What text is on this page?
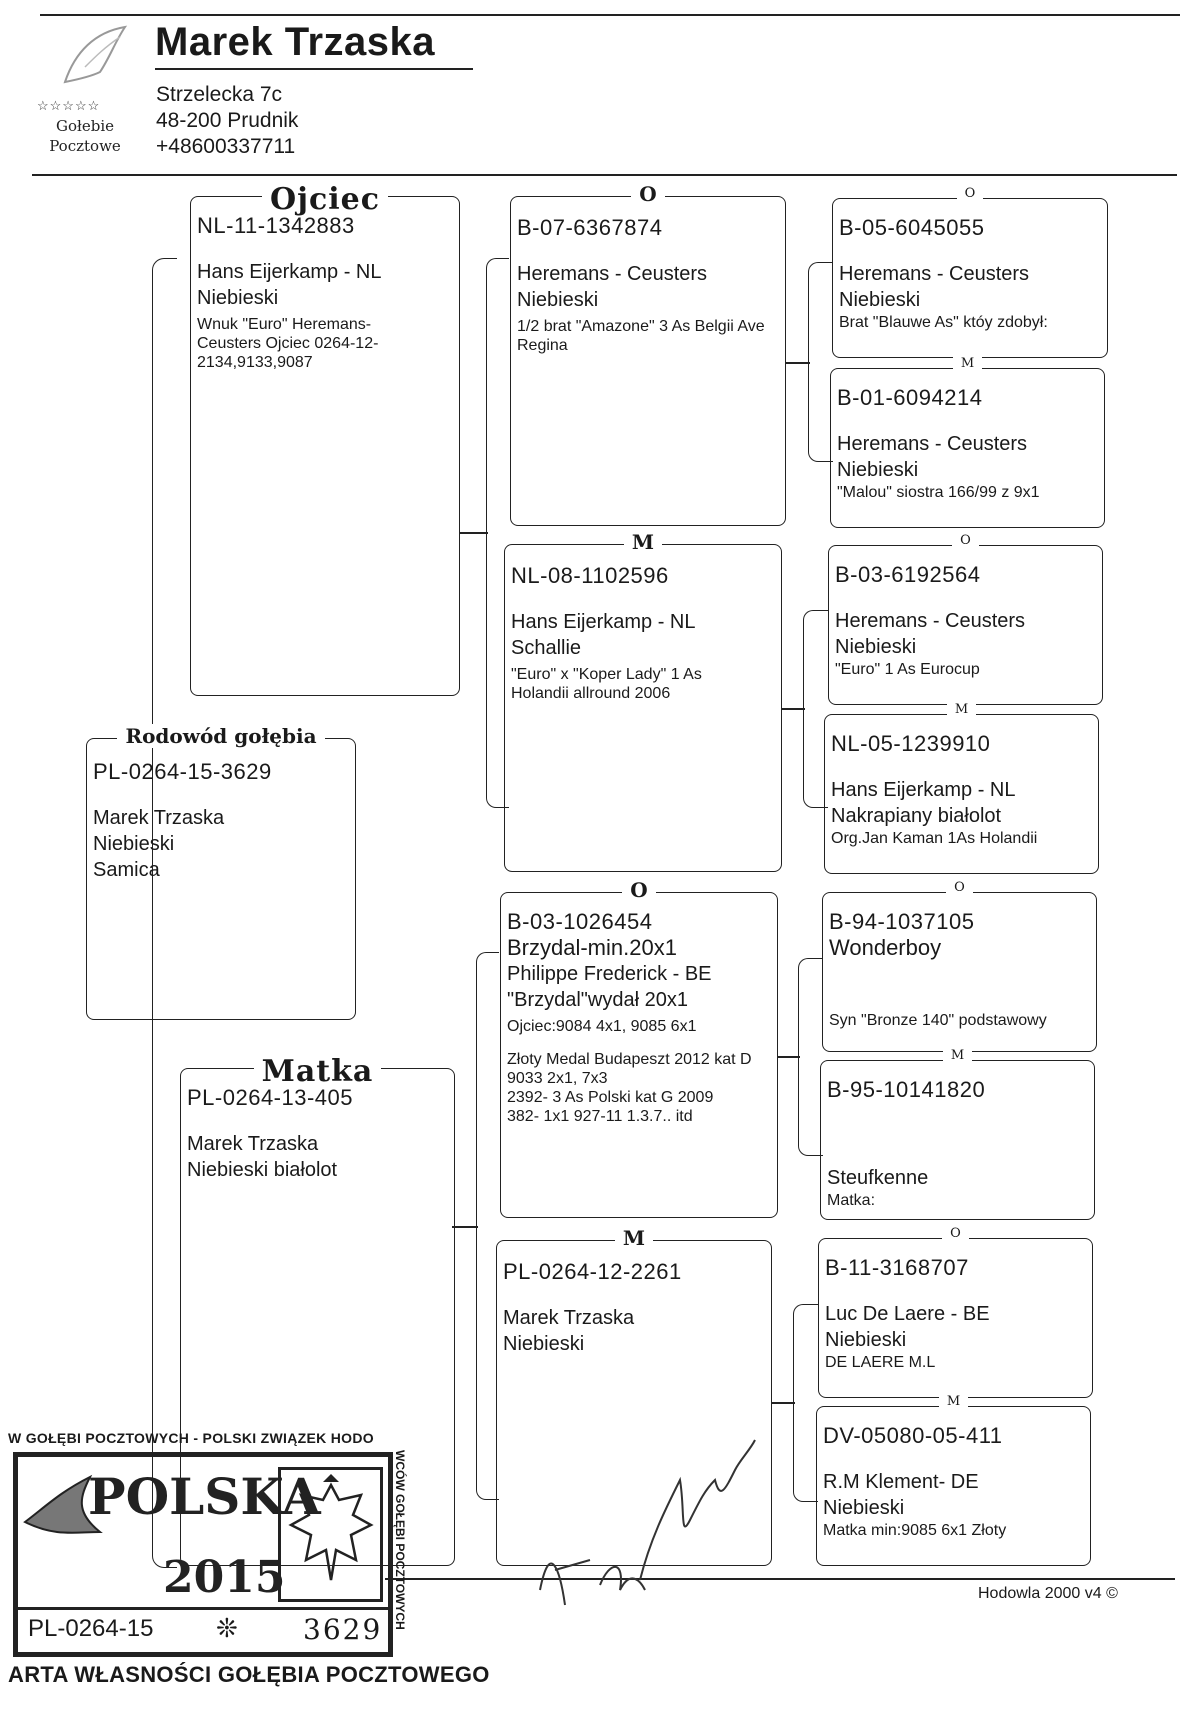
☆☆☆☆☆
Gołebie
Pocztowe
Marek Trzaska
Strzelecka 7c
48-200 Prudnik
+48600337711
Rodowód gołębia
PL-0264-15-3629
Marek Trzaska
Niebieski
Samica
Ojciec
NL-11-1342883
Hans Eijerkamp - NL
Niebieski
Wnuk "Euro" Heremans-Ceusters Ojciec 0264-12-2134,9133,9087
Matka
PL-0264-13-405
Marek Trzaska
Niebieski białolot
O
B-07-6367874
Heremans - Ceusters
Niebieski
1/2 brat "Amazone" 3 As Belgii Ave Regina
M
NL-08-1102596
Hans Eijerkamp - NL
Schallie
"Euro" x "Koper Lady" 1 As Holandii allround 2006
O
B-03-1026454
Brzydal-min.20x1
Philippe Frederick - BE
"Brzydal"wydał 20x1
Ojciec:9084 4x1, 9085 6x1
Złoty Medal Budapeszt 2012 kat D
9033 2x1, 7x3
2392- 3 As Polski kat G 2009
382- 1x1 927-11 1.3.7.. itd
M
PL-0264-12-2261
Marek Trzaska
Niebieski
O
B-05-6045055
Heremans - Ceusters
Niebieski
Brat "Blauwe As" któy zdobył:
M
B-01-6094214
Heremans - Ceusters
Niebieski
"Malou" siostra 166/99 z 9x1
O
B-03-6192564
Heremans - Ceusters
Niebieski
"Euro" 1 As Eurocup
M
NL-05-1239910
Hans Eijerkamp - NL
Nakrapiany białolot
Org.Jan Kaman 1As Holandii
O
B-94-1037105
Wonderboy
Syn "Bronze 140" podstawowy
M
B-95-10141820
Steufkenne
Matka:
O
B-11-3168707
Luc De Laere - BE
Niebieski
DE LAERE M.L
M
DV-05080-05-411
R.M Klement- DE
Niebieski
Matka min:9085 6x1 Złoty
W GOŁĘBI POCZTOWYCH - POLSKI ZWIĄZEK HODO
WCÓW GOŁĘBI POCZTOWYCH
POLSKA
2015
PL-0264-15 ❊ 3629
ARTA WŁASNOŚCI GOŁĘBIA POCZTOWEGO
Hodowla 2000 v4 ©
